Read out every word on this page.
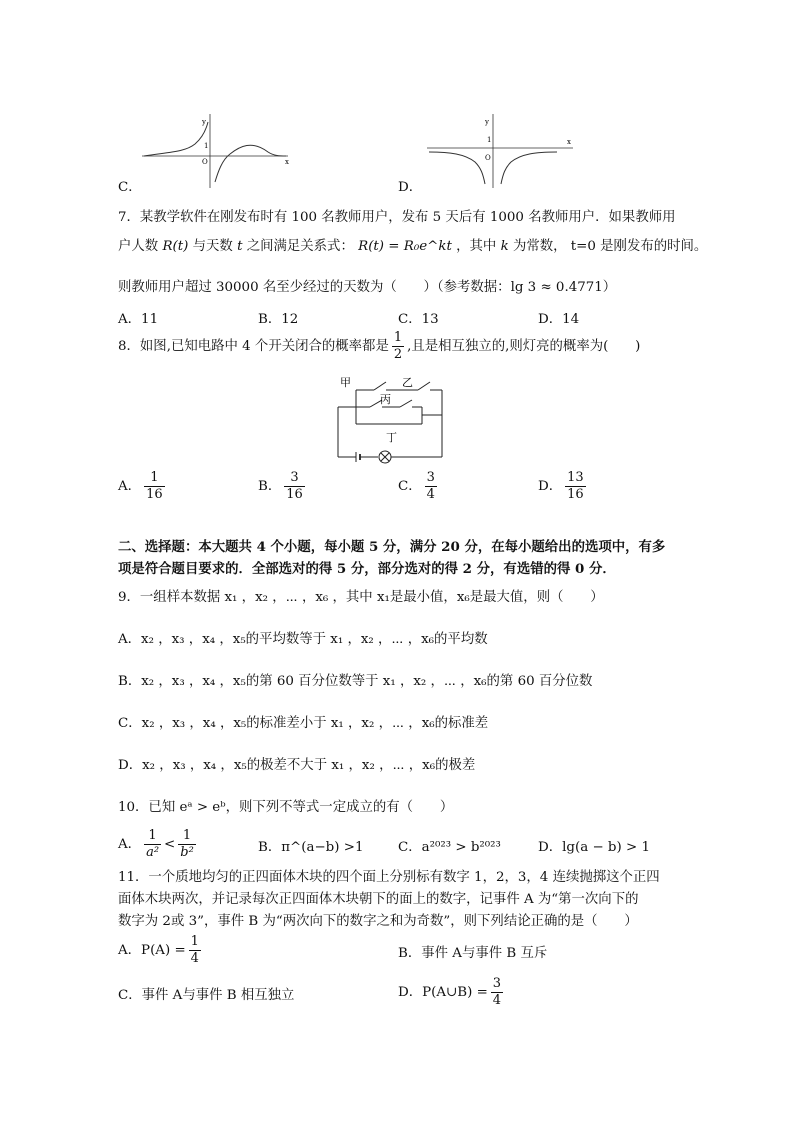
y
x
O
1
C．
y
x
O
1
D．
7．某教学软件在刚发布时有 100 名教师用户，发布 5 天后有 1000 名教师用户．如果教师用
户人数 R(t) 与天数 t 之间满足关系式： R(t) = R₀e^kt ，其中 k 为常数， t=0 是刚发布的时间。
则教师用户超过 30000 名至少经过的天数为（　　）（参考数据：lg 3 ≈ 0.4771）
A．11	B．12	C．13	D．14
8．如图,已知电路中 4 个开关闭合的概率都是 $\frac{1}{2}$ ,且是相互独立的,则灯亮的概率为(　　)
甲	乙
丙
丁
A． $\frac{1}{16}$	B． $\frac{3}{16}$	C． $\frac{3}{4}$	D． $\frac{13}{16}$
二、选择题：本大题共 4 个小题，每小题 5 分，满分 20 分，在每小题给出的选项中，有多
项是符合题目要求的．全部选对的得 5 分，部分选对的得 2 分，有选错的得 0 分．
9．一组样本数据 x₁ ，x₂ ，⋯ ，x₆ ，其中 x₁是最小值，x₆是最大值，则（　　）
A．x₂ ，x₃ ，x₄ ，x₅的平均数等于 x₁ ，x₂ ，⋯ ，x₆的平均数
B．x₂ ，x₃ ，x₄ ，x₅的第 60 百分位数等于 x₁ ，x₂ ，⋯ ，x₆的第 60 百分位数
C．x₂ ，x₃ ，x₄ ，x₅的标准差小于 x₁ ，x₂ ，⋯ ，x₆的标准差
D．x₂ ，x₃ ，x₄ ，x₅的极差不大于 x₁ ，x₂ ，⋯ ，x₆的极差
10．已知 eᵃ > eᵇ，则下列不等式一定成立的有（　　）
A． $\frac{1}{\text{a²}} < \frac{1}{\text{b²}}$	B．π^(a−b) >1	C．a²⁰²³ > b²⁰²³	D．lg(a − b) > 1
11．一个质地均匀的正四面体木块的四个面上分别标有数字 1，2，3，4 连续抛掷这个正四
面体木块两次，并记录每次正四面体木块朝下的面上的数字，记事件 A 为“第一次向下的
数字为 2或 3”，事件 B 为“两次向下的数字之和为奇数”，则下列结论正确的是（　　）
A．$P(A) = \frac{1}{4}$	B．事件 A与事件 B 互斥
C．事件 A与事件 B 相互独立	D．P(A∪B) = $\frac{3}{4}$
